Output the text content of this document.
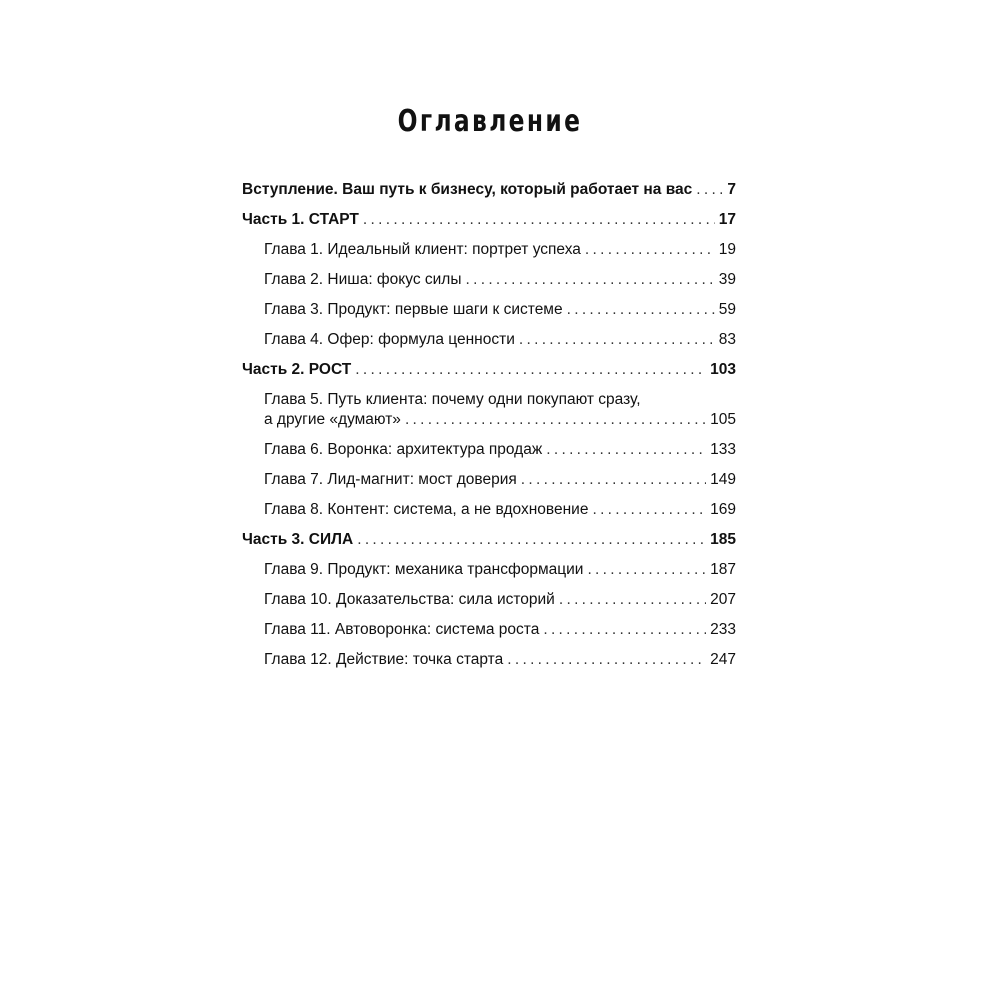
Оглавление
Вступление. Ваш путь к бизнесу, который работает на вас . . . 7
Часть 1. СТАРТ . . .	17
Глава 1. Идеальный клиент: портрет успеха . . .	19
Глава 2. Ниша: фокус силы . . .	39
Глава 3. Продукт: первые шаги к системе . . .	59
Глава 4. Офер: формула ценности . . .	83
Часть 2. РОСТ . . .	103
Глава 5. Путь клиента: почему одни покупают сразу,
а другие «думают» . . .	105
Глава 6. Воронка: архитектура продаж . . .	133
Глава 7. Лид-магнит: мост доверия . . .	149
Глава 8. Контент: система, а не вдохновение . . .	169
Часть 3. СИЛА . . .	185
Глава 9. Продукт: механика трансформации . . .	187
Глава 10. Доказательства: сила историй . . .	207
Глава 11. Автоворонка: система роста . . .	233
Глава 12. Действие: точка старта . . .	247
